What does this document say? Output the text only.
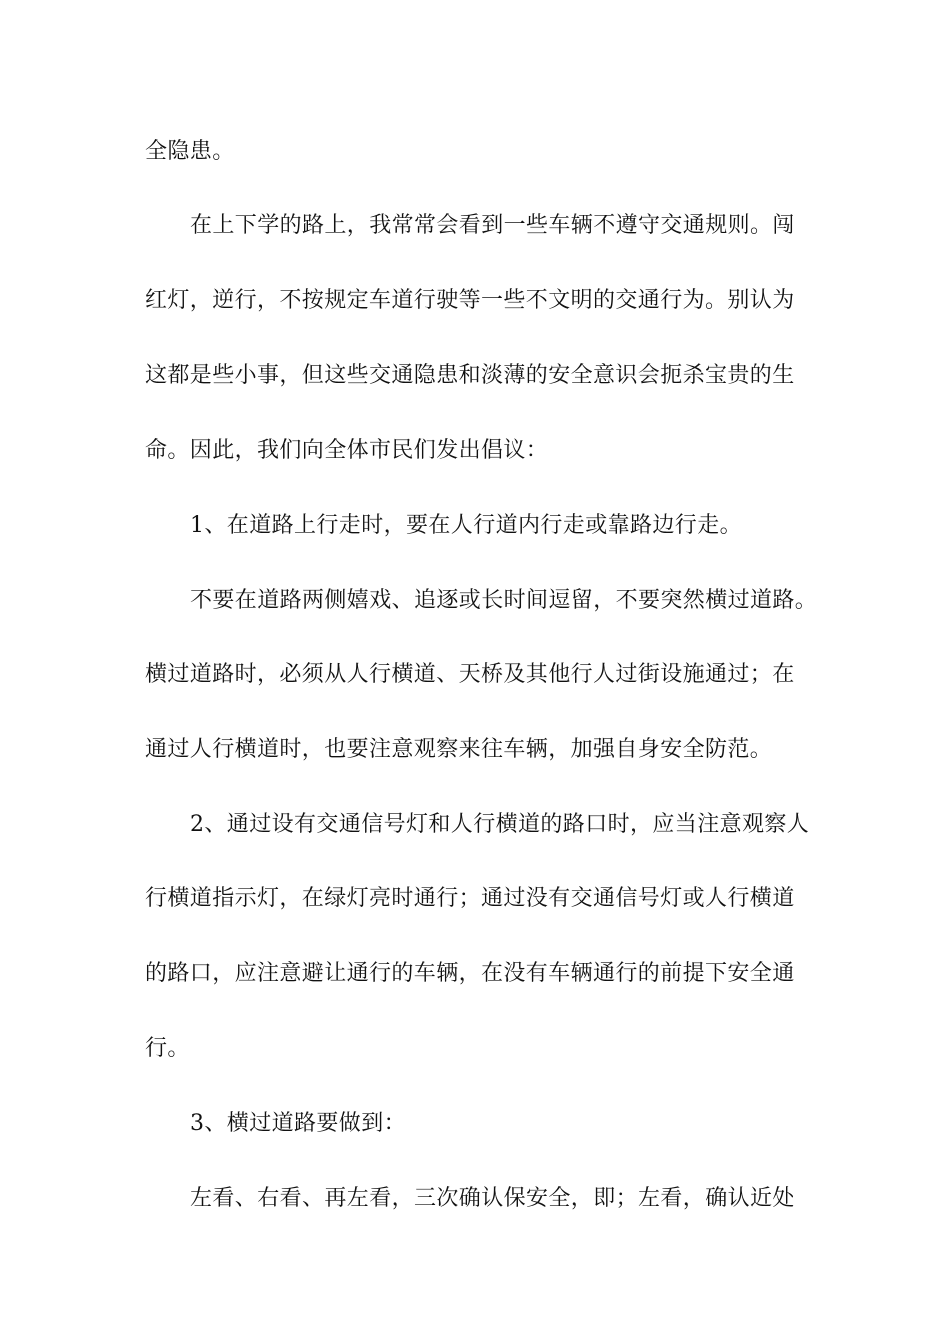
全隐患。

在上下学的路上，我常常会看到一些车辆不遵守交通规则。闯

红灯，逆行，不按规定车道行驶等一些不文明的交通行为。别认为

这都是些小事，但这些交通隐患和淡薄的安全意识会扼杀宝贵的生

命。因此，我们向全体市民们发出倡议：

1、在道路上行走时，要在人行道内行走或靠路边行走。

不要在道路两侧嬉戏、追逐或长时间逗留，不要突然横过道路。

横过道路时，必须从人行横道、天桥及其他行人过街设施通过；在

通过人行横道时，也要注意观察来往车辆，加强自身安全防范。

2、通过设有交通信号灯和人行横道的路口时，应当注意观察人

行横道指示灯，在绿灯亮时通行；通过没有交通信号灯或人行横道

的路口，应注意避让通行的车辆，在没有车辆通行的前提下安全通

行。

3、横过道路要做到：

左看、右看、再左看，三次确认保安全，即；左看，确认近处
